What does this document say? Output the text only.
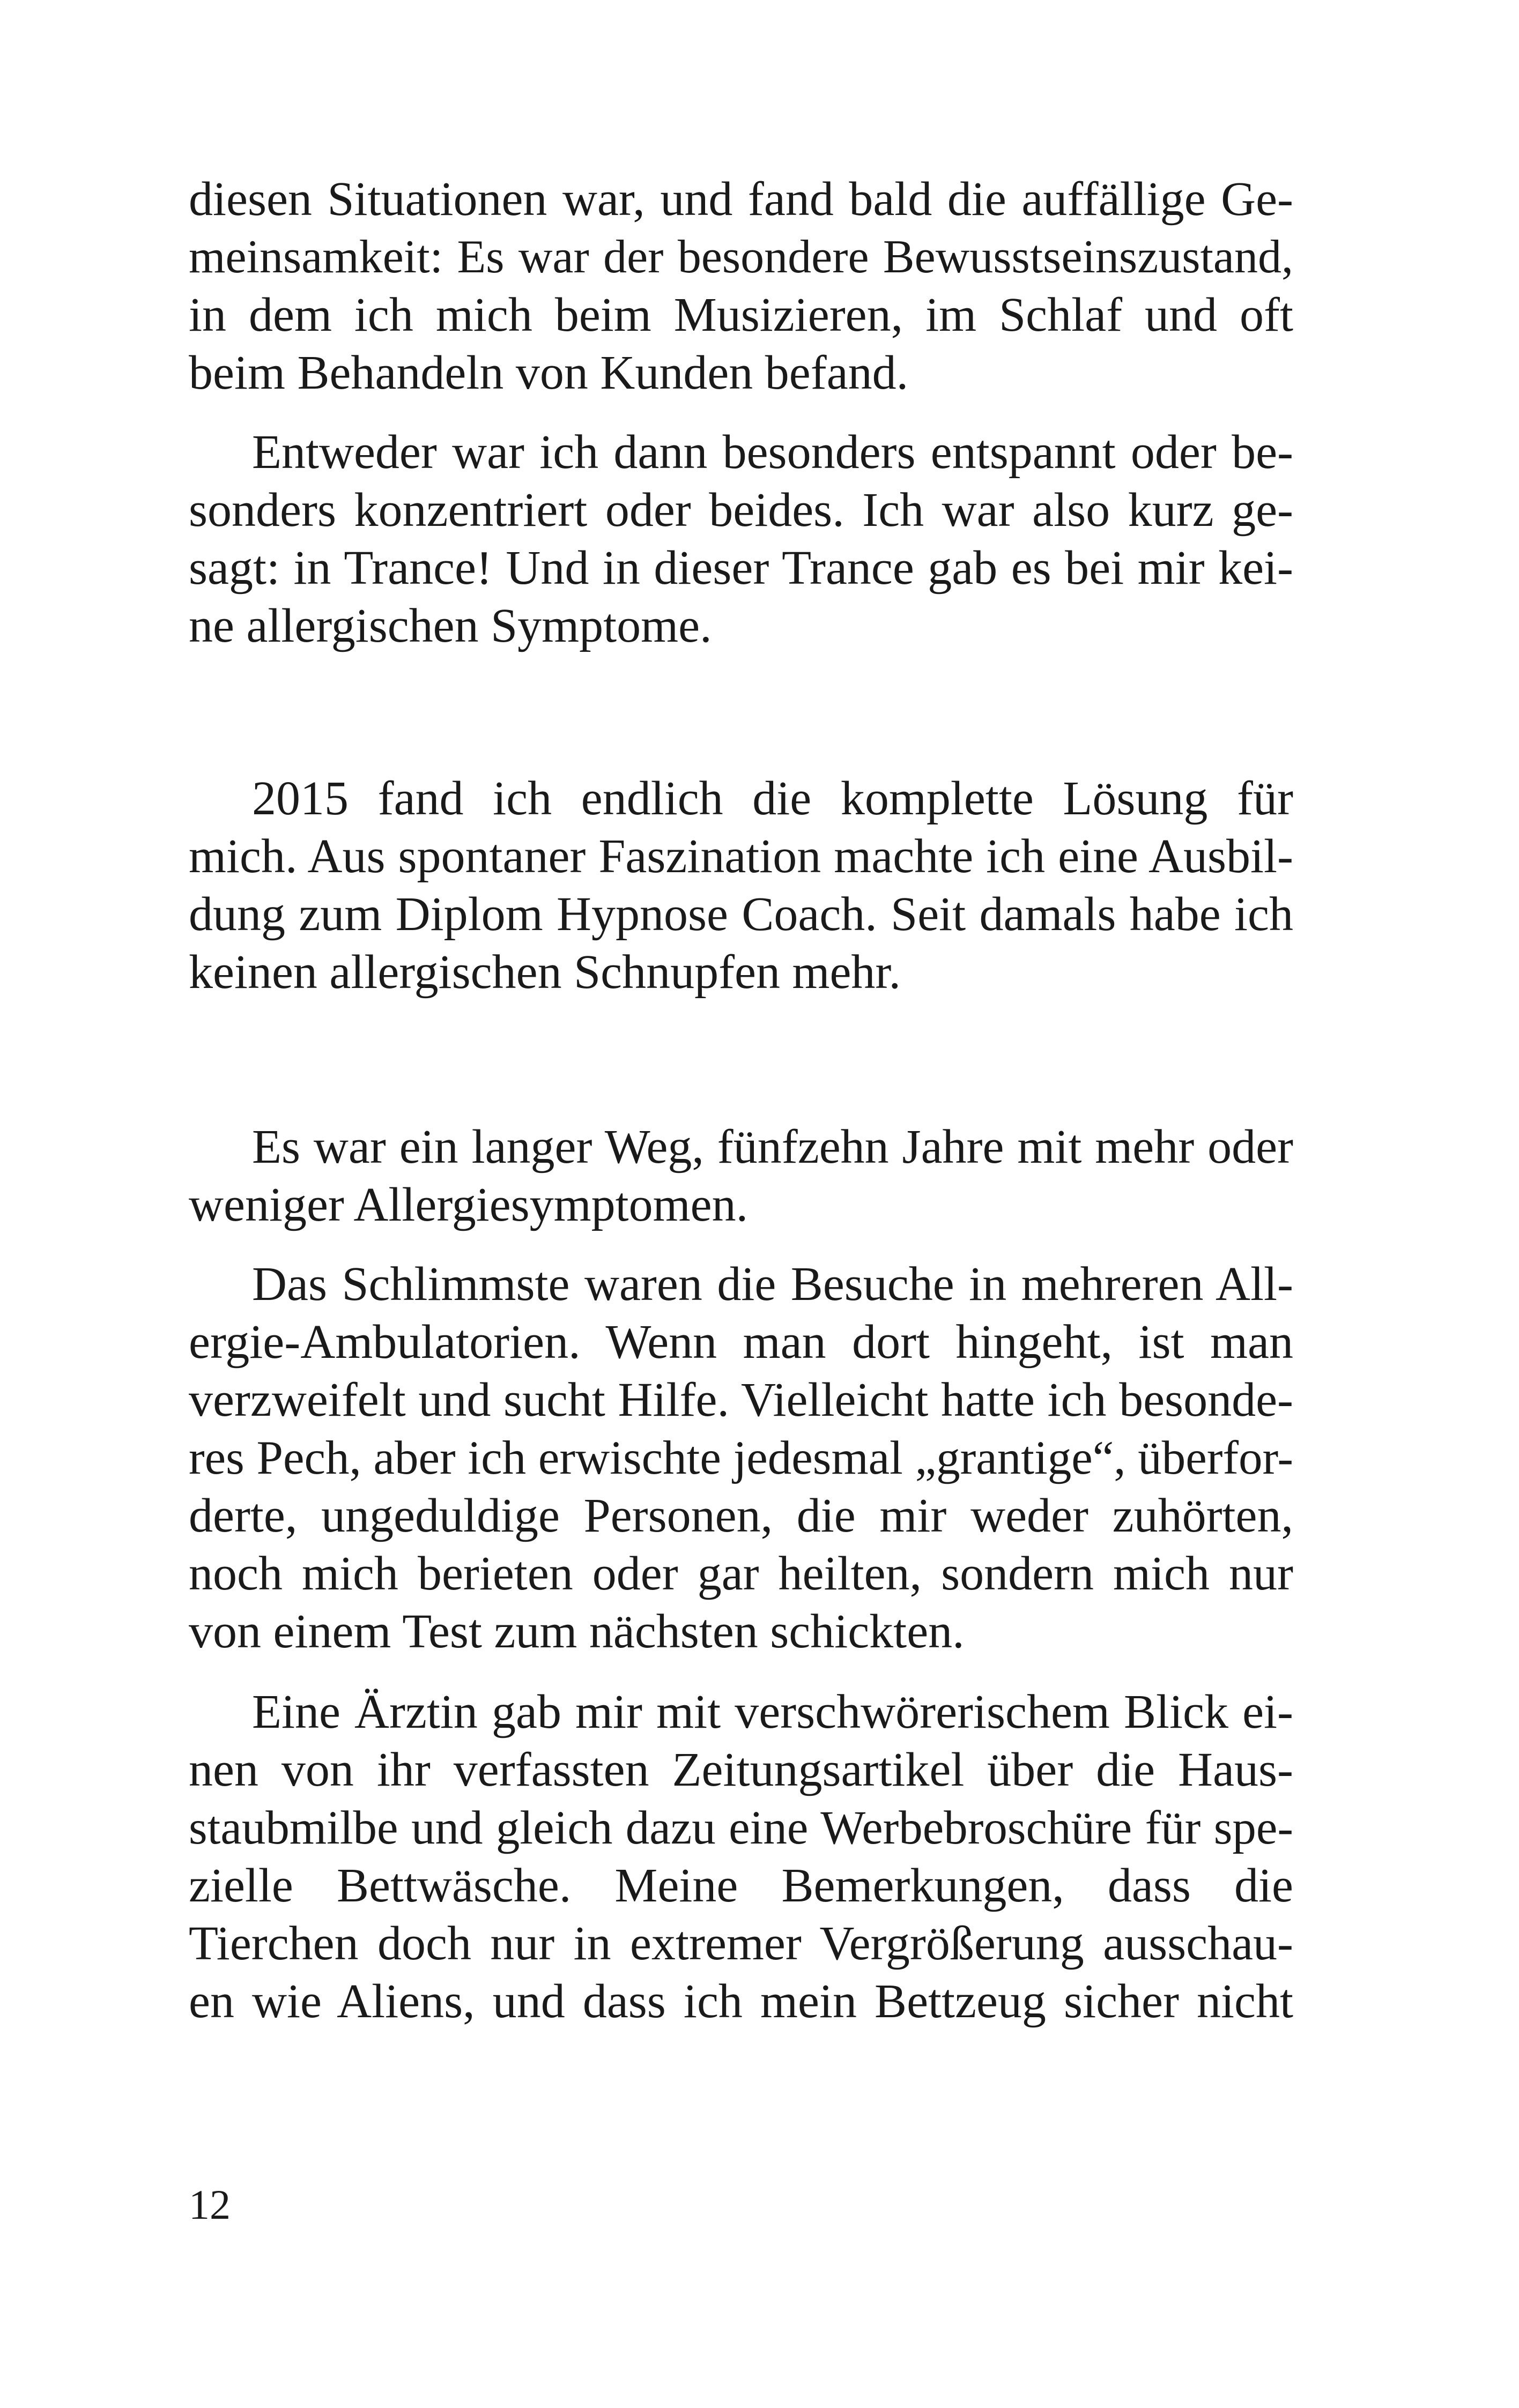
diesen Situationen war, und fand bald die auffällige Ge-
meinsamkeit: Es war der besondere Bewusstseinszustand,
in dem ich mich beim Musizieren, im Schlaf und oft
beim Behandeln von Kunden befand.
Entweder war ich dann besonders entspannt oder be-
sonders konzentriert oder beides. Ich war also kurz ge-
sagt: in Trance! Und in dieser Trance gab es bei mir kei-
ne allergischen Symptome.
2015 fand ich endlich die komplette Lösung für
mich. Aus spontaner Faszination machte ich eine Ausbil-
dung zum Diplom Hypnose Coach. Seit damals habe ich
keinen allergischen Schnupfen mehr.
Es war ein langer Weg, fünfzehn Jahre mit mehr oder
weniger Allergiesymptomen.
Das Schlimmste waren die Besuche in mehreren All-
ergie-Ambulatorien. Wenn man dort hingeht, ist man
verzweifelt und sucht Hilfe. Vielleicht hatte ich besonde-
res Pech, aber ich erwischte jedesmal „grantige“, überfor-
derte, ungeduldige Personen, die mir weder zuhörten,
noch mich berieten oder gar heilten, sondern mich nur
von einem Test zum nächsten schickten.
Eine Ärztin gab mir mit verschwörerischem Blick ei-
nen von ihr verfassten Zeitungsartikel über die Haus-
staubmilbe und gleich dazu eine Werbebroschüre für spe-
zielle Bettwäsche. Meine Bemerkungen, dass die
Tierchen doch nur in extremer Vergrößerung ausschau-
en wie Aliens, und dass ich mein Bettzeug sicher nicht
12
